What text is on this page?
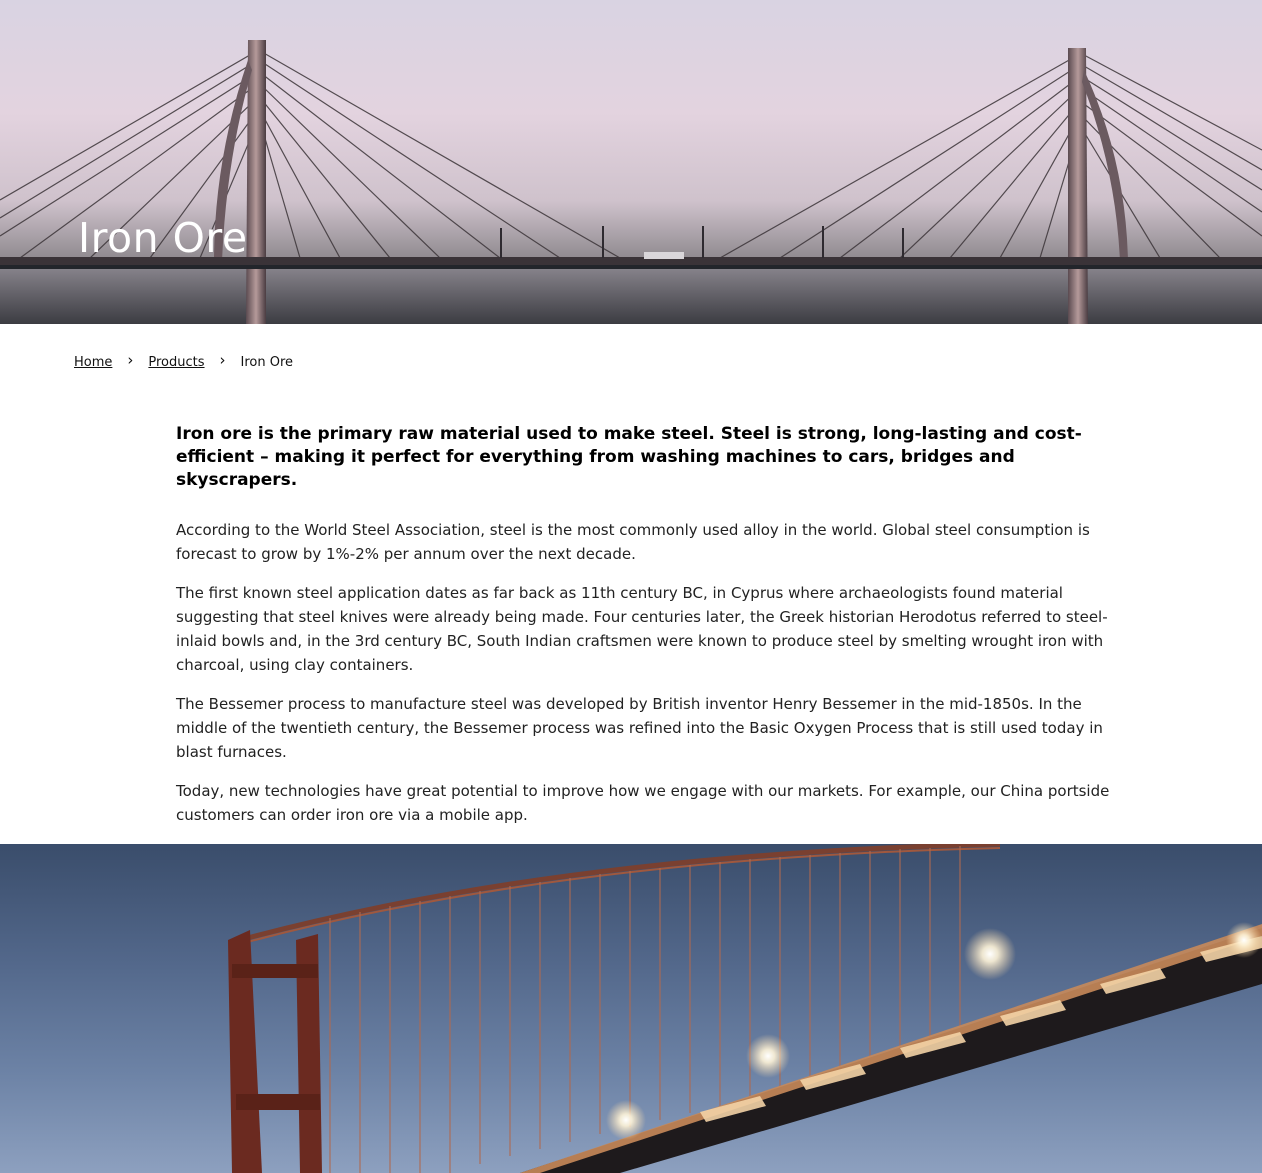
Iron Ore
Home	›	Products	›	Iron Ore

Iron ore is the primary raw material used to make steel. Steel is strong, long-lasting and cost-efficient – making it perfect for everything from washing machines to cars, bridges and skyscrapers.

According to the World Steel Association, steel is the most commonly used alloy in the world. Global steel consumption is forecast to grow by 1%-2% per annum over the next decade.

The first known steel application dates as far back as 11th century BC, in Cyprus where archaeologists found material suggesting that steel knives were already being made. Four centuries later, the Greek historian Herodotus referred to steel-inlaid bowls and, in the 3rd century BC, South Indian craftsmen were known to produce steel by smelting wrought iron with charcoal, using clay containers.

The Bessemer process to manufacture steel was developed by British inventor Henry Bessemer in the mid-1850s. In the middle of the twentieth century, the Bessemer process was refined into the Basic Oxygen Process that is still used today in blast furnaces.

Today, new technologies have great potential to improve how we engage with our markets. For example, our China portside customers can order iron ore via a mobile app.
